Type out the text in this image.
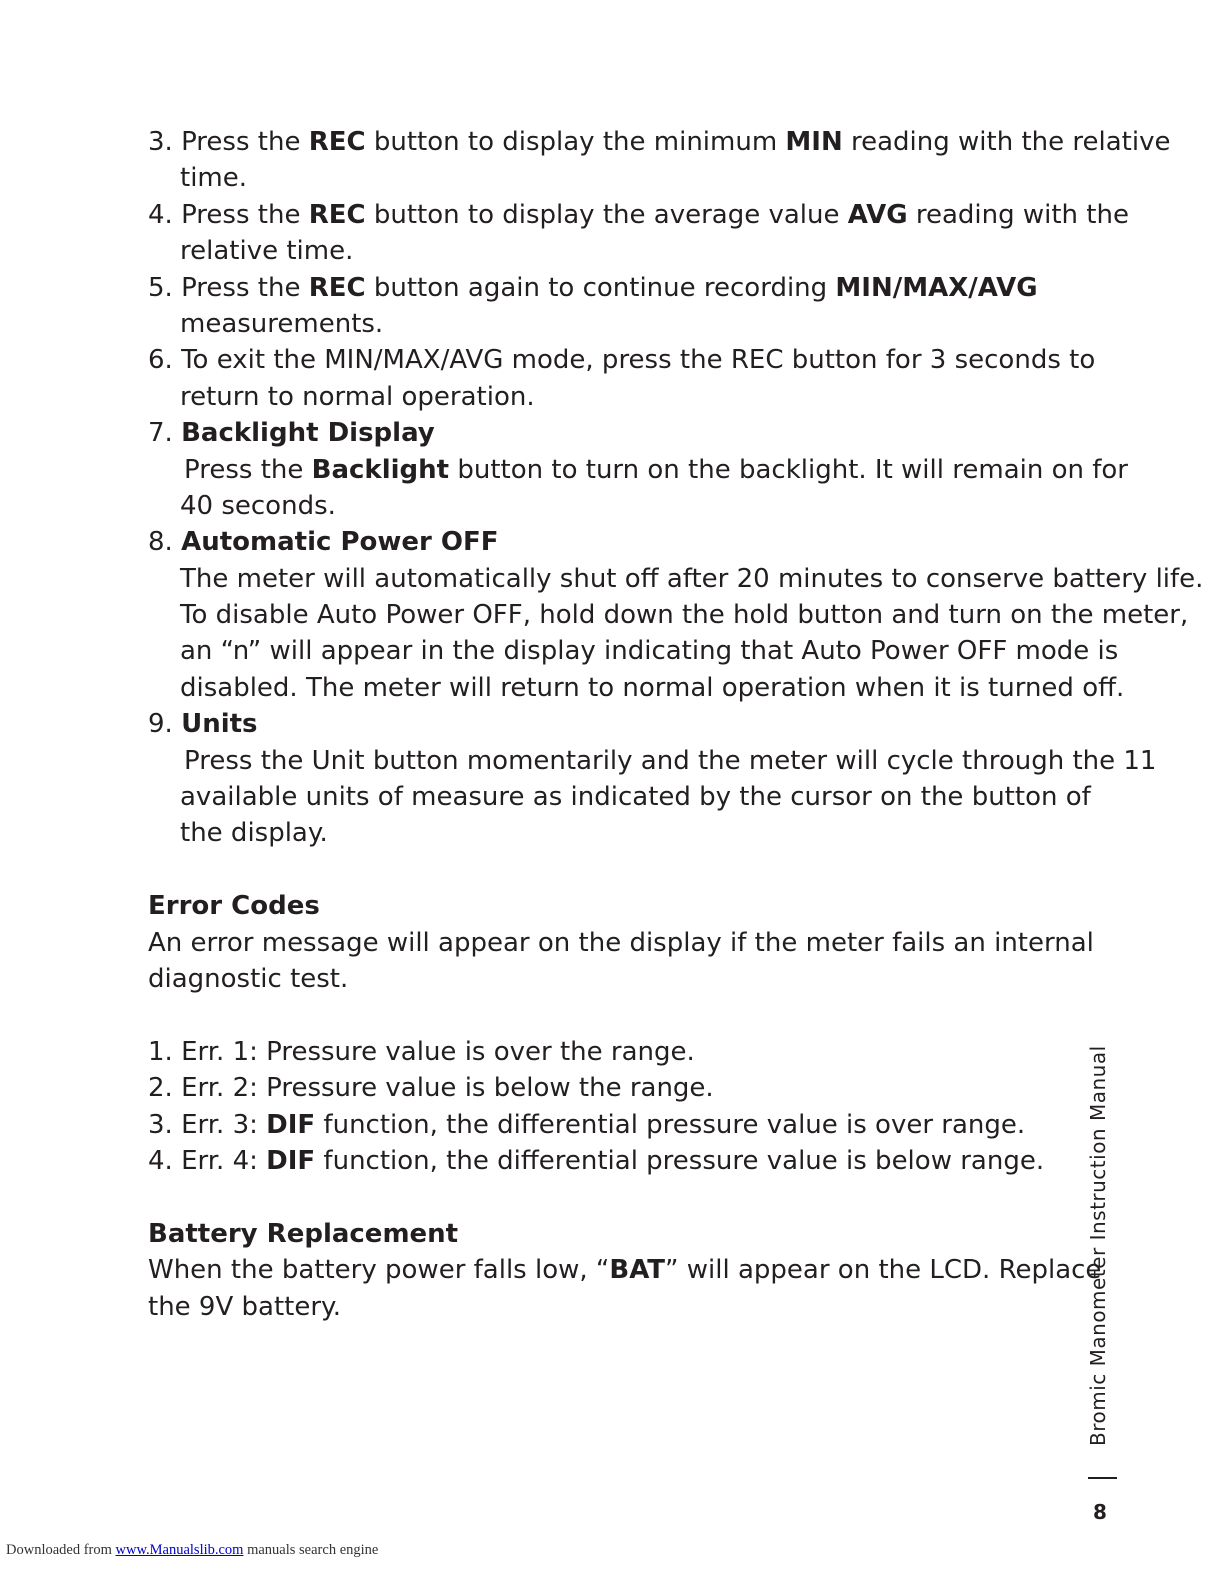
3. Press the REC button to display the minimum MIN reading with the relative
time.
4. Press the REC button to display the average value AVG reading with the
relative time.
5. Press the REC button again to continue recording MIN/MAX/AVG
measurements.
6. To exit the MIN/MAX/AVG mode, press the REC button for 3 seconds to
return to normal operation.
7. Backlight Display
Press the Backlight button to turn on the backlight. It will remain on for
40 seconds.
8. Automatic Power OFF
The meter will automatically shut off after 20 minutes to conserve battery life.
To disable Auto Power OFF, hold down the hold button and turn on the meter,
an “n” will appear in the display indicating that Auto Power OFF mode is
disabled. The meter will return to normal operation when it is turned off.
9. Units
Press the Unit button momentarily and the meter will cycle through the 11
available units of measure as indicated by the cursor on the button of
the display.
Error Codes
An error message will appear on the display if the meter fails an internal
diagnostic test.
1. Err. 1: Pressure value is over the range.
2. Err. 2: Pressure value is below the range.
3. Err. 3: DIF function, the differential pressure value is over range.
4. Err. 4: DIF function, the differential pressure value is below range.
Battery Replacement
When the battery power falls low, “BAT” will appear on the LCD. Replace
the 9V battery.	Bromic Manometer Instruction Manual
8
Downloaded from www.Manualslib.com manuals search engine
